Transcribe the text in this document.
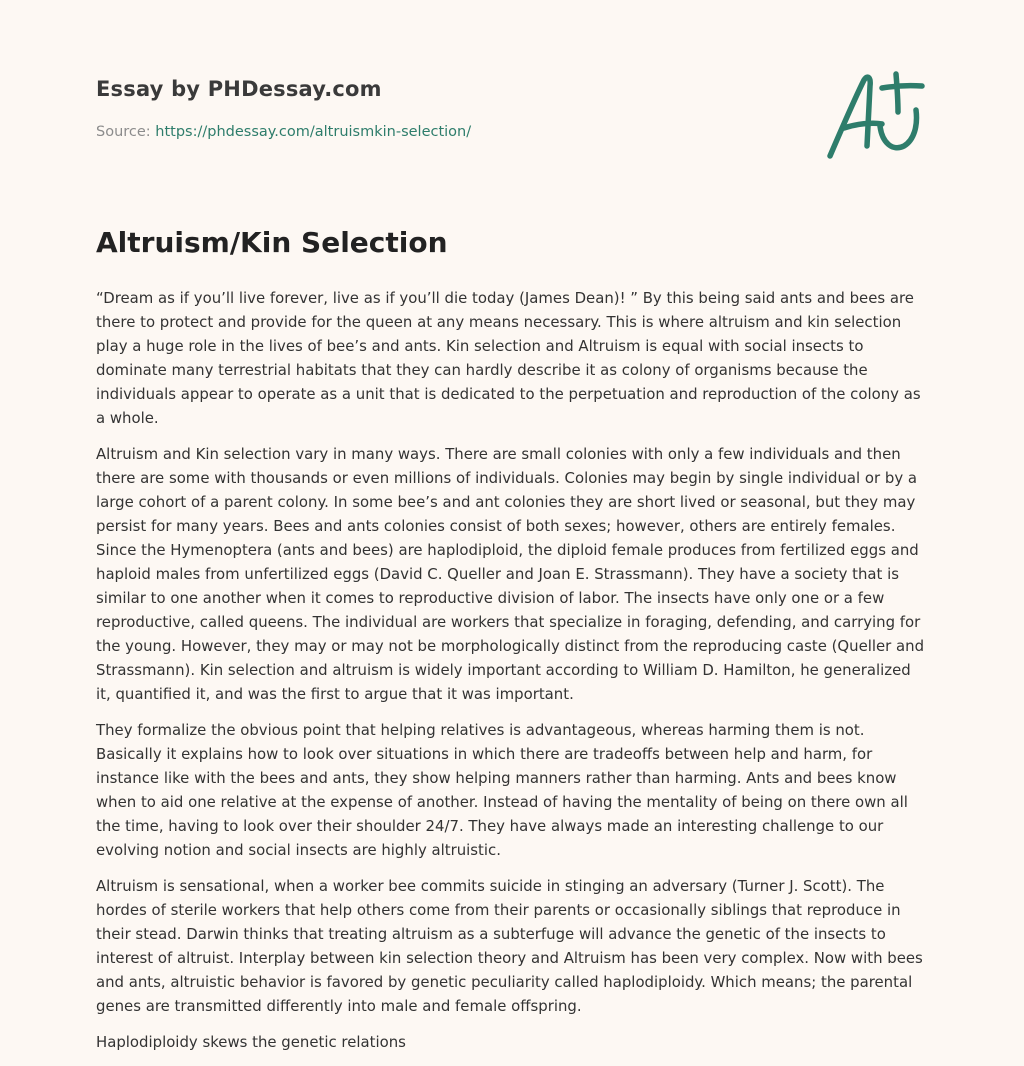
Essay by PHDessay.com

Source: https://phdessay.com/altruismkin-selection/

Altruism/Kin Selection

“Dream as if you’ll live forever, live as if you’ll die today (James Dean)! ” By this being said ants and bees are there to protect and provide for the queen at any means necessary. This is where altruism and kin selection play a huge role in the lives of bee’s and ants. Kin selection and Altruism is equal with social insects to dominate many terrestrial habitats that they can hardly describe it as colony of organisms because the individuals appear to operate as a unit that is dedicated to the perpetuation and reproduction of the colony as a whole.

Altruism and Kin selection vary in many ways. There are small colonies with only a few individuals and then there are some with thousands or even millions of individuals. Colonies may begin by single individual or by a large cohort of a parent colony. In some bee’s and ant colonies they are short lived or seasonal, but they may persist for many years. Bees and ants colonies consist of both sexes; however, others are entirely females. Since the Hymenoptera (ants and bees) are haplodiploid, the diploid female produces from fertilized eggs and haploid males from unfertilized eggs (David C. Queller and Joan E. Strassmann). They have a society that is similar to one another when it comes to reproductive division of labor. The insects have only one or a few reproductive, called queens. The individual are workers that specialize in foraging, defending, and carrying for the young. However, they may or may not be morphologically distinct from the reproducing caste (Queller and Strassmann). Kin selection and altruism is widely important according to William D. Hamilton, he generalized it, quantified it, and was the first to argue that it was important.

They formalize the obvious point that helping relatives is advantageous, whereas harming them is not. Basically it explains how to look over situations in which there are tradeoffs between help and harm, for instance like with the bees and ants, they show helping manners rather than harming. Ants and bees know when to aid one relative at the expense of another. Instead of having the mentality of being on there own all the time, having to look over their shoulder 24/7. They have always made an interesting challenge to our evolving notion and social insects are highly altruistic.

Altruism is sensational, when a worker bee commits suicide in stinging an adversary (Turner J. Scott). The hordes of sterile workers that help others come from their parents or occasionally siblings that reproduce in their stead. Darwin thinks that treating altruism as a subterfuge will advance the genetic of the insects to interest of altruist. Interplay between kin selection theory and Altruism has been very complex. Now with bees and ants, altruistic behavior is favored by genetic peculiarity called haplodiploidy. Which means; the parental genes are transmitted differently into male and female offspring.

Haplodiploidy skews the genetic relations
